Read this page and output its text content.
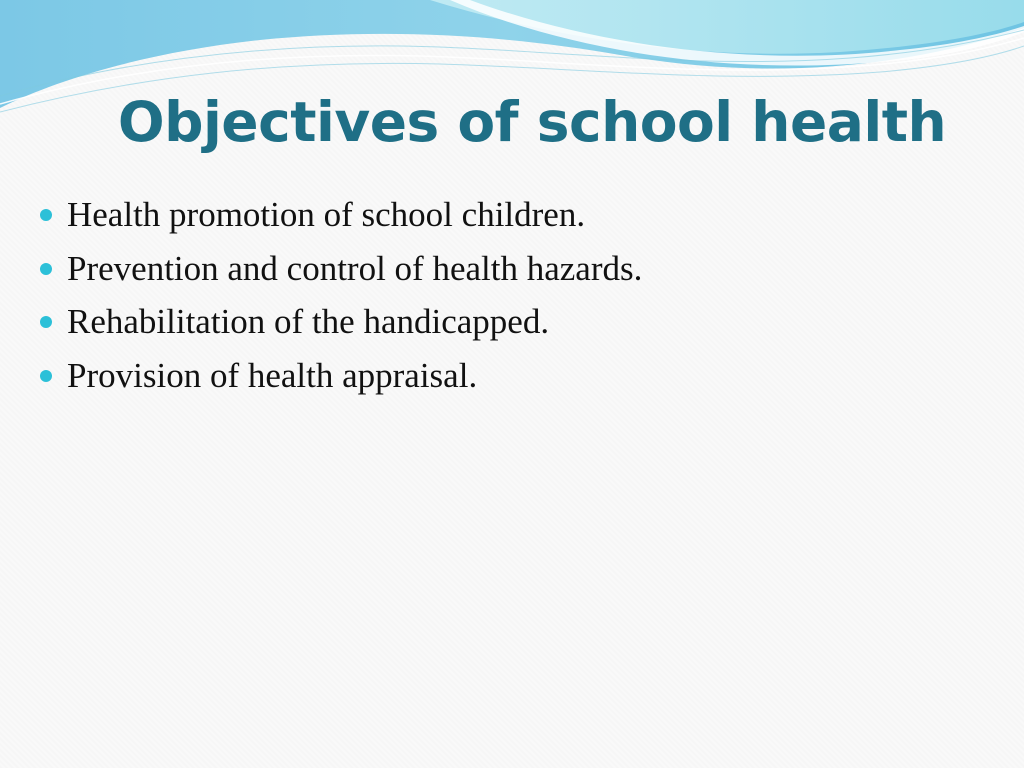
Objectives of school health
Health promotion of school children.
Prevention and control of health hazards.
Rehabilitation of the handicapped.
Provision of health appraisal.
